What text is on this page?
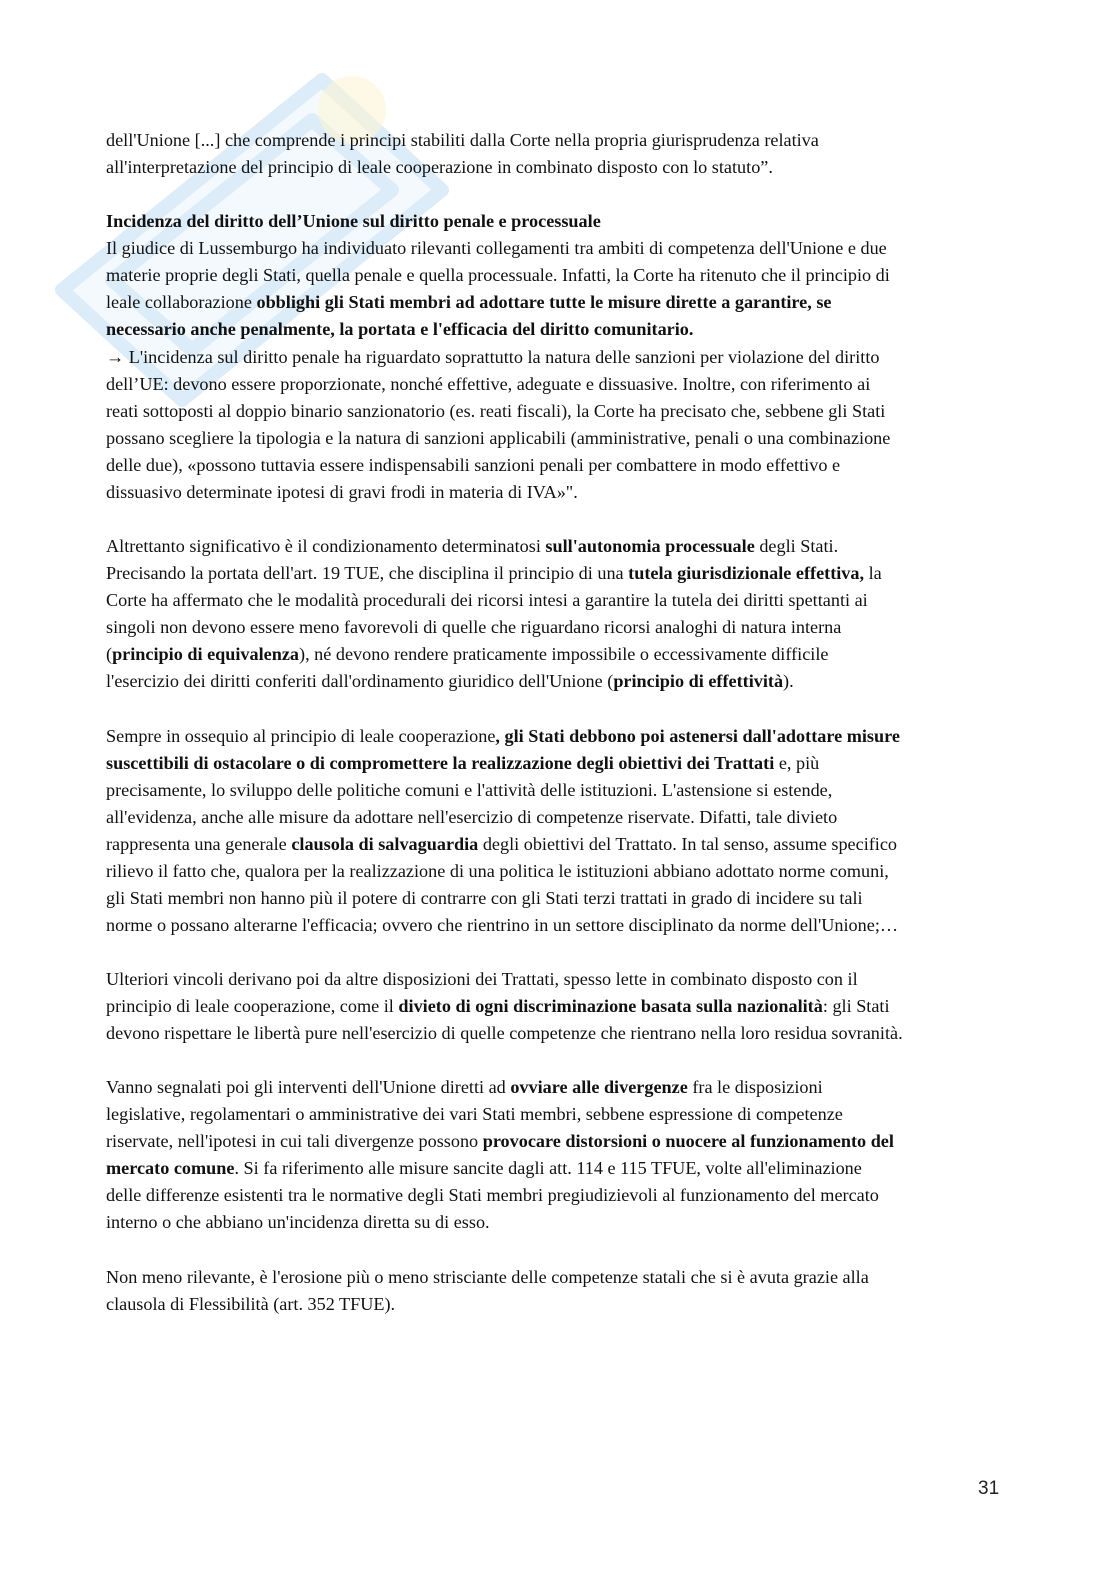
dell'Unione [...] che comprende i principi stabiliti dalla Corte nella propria giurisprudenza relativa
all'interpretazione del principio di leale cooperazione in combinato disposto con lo statuto”.
Incidenza del diritto dell’Unione sul diritto penale e processuale
Il giudice di Lussemburgo ha individuato rilevanti collegamenti tra ambiti di competenza dell'Unione e due
materie proprie degli Stati, quella penale e quella processuale. Infatti, la Corte ha ritenuto che il principio di
leale collaborazione obblighi gli Stati membri ad adottare tutte le misure dirette a garantire, se
necessario anche penalmente, la portata e l'efficacia del diritto comunitario.
→ L'incidenza sul diritto penale ha riguardato soprattutto la natura delle sanzioni per violazione del diritto
dell’UE: devono essere proporzionate, nonché effettive, adeguate e dissuasive. Inoltre, con riferimento ai
reati sottoposti al doppio binario sanzionatorio (es. reati fiscali), la Corte ha precisato che, sebbene gli Stati
possano scegliere la tipologia e la natura di sanzioni applicabili (amministrative, penali o una combinazione
delle due), «possono tuttavia essere indispensabili sanzioni penali per combattere in modo effettivo e
dissuasivo determinate ipotesi di gravi frodi in materia di IVA»".
Altrettanto significativo è il condizionamento determinatosi sull'autonomia processuale degli Stati.
Precisando la portata dell'art. 19 TUE, che disciplina il principio di una tutela giurisdizionale effettiva, la
Corte ha affermato che le modalità procedurali dei ricorsi intesi a garantire la tutela dei diritti spettanti ai
singoli non devono essere meno favorevoli di quelle che riguardano ricorsi analoghi di natura interna
(principio di equivalenza), né devono rendere praticamente impossibile o eccessivamente difficile
l'esercizio dei diritti conferiti dall'ordinamento giuridico dell'Unione (principio di effettività).
Sempre in ossequio al principio di leale cooperazione, gli Stati debbono poi astenersi dall'adottare misure
suscettibili di ostacolare o di compromettere la realizzazione degli obiettivi dei Trattati e, più
precisamente, lo sviluppo delle politiche comuni e l'attività delle istituzioni. L'astensione si estende,
all'evidenza, anche alle misure da adottare nell'esercizio di competenze riservate. Difatti, tale divieto
rappresenta una generale clausola di salvaguardia degli obiettivi del Trattato. In tal senso, assume specifico
rilievo il fatto che, qualora per la realizzazione di una politica le istituzioni abbiano adottato norme comuni,
gli Stati membri non hanno più il potere di contrarre con gli Stati terzi trattati in grado di incidere su tali
norme o possano alterarne l'efficacia; ovvero che rientrino in un settore disciplinato da norme dell'Unione;…
Ulteriori vincoli derivano poi da altre disposizioni dei Trattati, spesso lette in combinato disposto con il
principio di leale cooperazione, come il divieto di ogni discriminazione basata sulla nazionalità: gli Stati
devono rispettare le libertà pure nell'esercizio di quelle competenze che rientrano nella loro residua sovranità.
Vanno segnalati poi gli interventi dell'Unione diretti ad ovviare alle divergenze fra le disposizioni
legislative, regolamentari o amministrative dei vari Stati membri, sebbene espressione di competenze
riservate, nell'ipotesi in cui tali divergenze possono provocare distorsioni o nuocere al funzionamento del
mercato comune. Si fa riferimento alle misure sancite dagli att. 114 e 115 TFUE, volte all'eliminazione
delle differenze esistenti tra le normative degli Stati membri pregiudizievoli al funzionamento del mercato
interno o che abbiano un'incidenza diretta su di esso.
Non meno rilevante, è l'erosione più o meno strisciante delle competenze statali che si è avuta grazie alla
clausola di Flessibilità (art. 352 TFUE).
31
